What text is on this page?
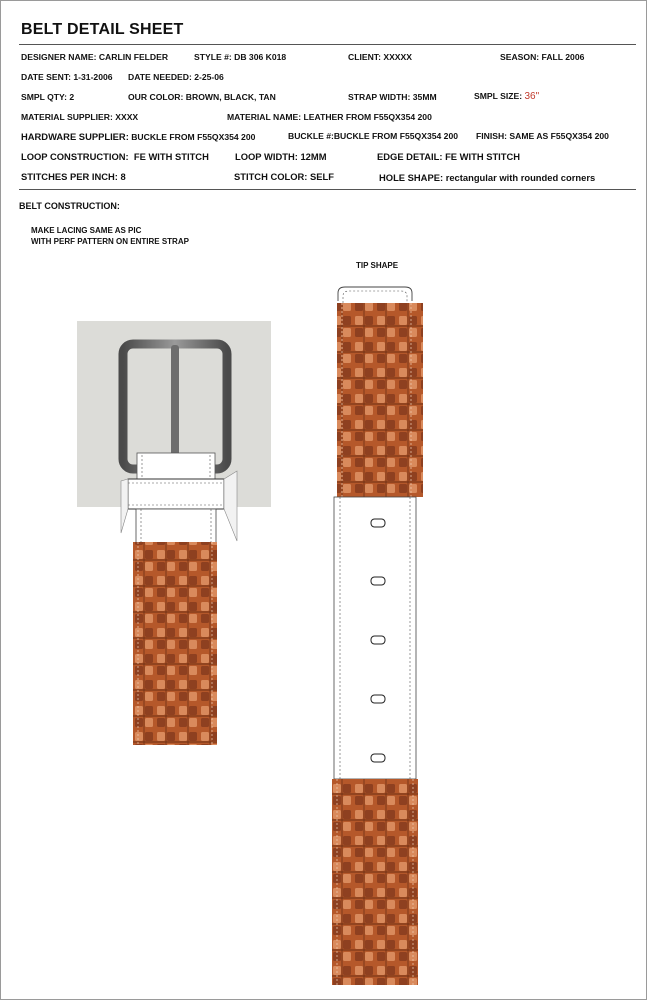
BELT DETAIL SHEET
DESIGNER NAME: CARLIN FELDER	STYLE #: DB 306 K018	CLIENT: XXXXX	SEASON: FALL 2006
DATE SENT: 1-31-2006 DATE NEEDED: 2-25-06
SMPL QTY: 2	OUR COLOR: BROWN, BLACK, TAN	STRAP WIDTH: 35MM	SMPL SIZE: 36"
MATERIAL SUPPLIER: XXXX	MATERIAL NAME: LEATHER FROM F55QX354 200
HARDWARE SUPPLIER: BUCKLE FROM F55QX354 200	BUCKLE #:BUCKLE FROM F55QX354 200 FINISH: SAME AS F55QX354 200
LOOP CONSTRUCTION: FE WITH STITCH	LOOP WIDTH: 12MM	EDGE DETAIL: FE WITH STITCH
STITCHES PER INCH: 8	STITCH COLOR: SELF	HOLE SHAPE: rectangular with rounded corners
BELT CONSTRUCTION:
MAKE LACING SAME AS PIC
WITH PERF PATTERN ON ENTIRE STRAP
TIP SHAPE
